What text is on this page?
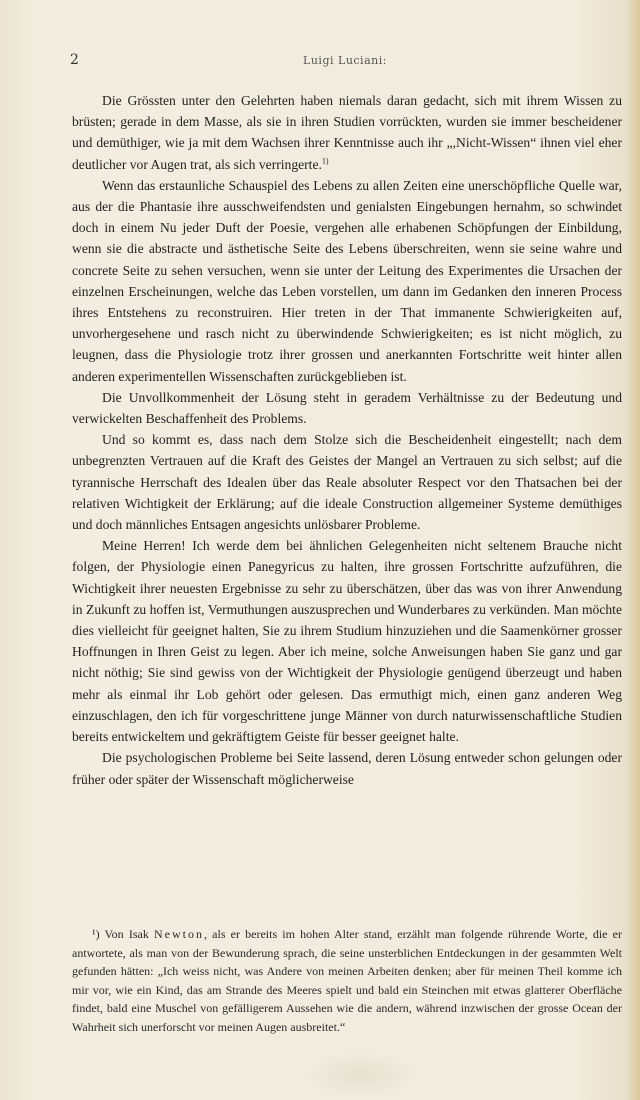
2	Luigi Luciani:

Die Grössten unter den Gelehrten haben niemals daran gedacht, sich mit ihrem Wissen zu brüsten; gerade in dem Masse, als sie in ihren Studien vorrückten, wurden sie immer bescheidener und demüthiger, wie ja mit dem Wachsen ihrer Kenntnisse auch ihr „,Nicht-Wissen“ ihnen viel eher deutlicher vor Augen trat, als sich verringerte.$^{1)}$

Wenn das erstaunliche Schauspiel des Lebens zu allen Zeiten eine unerschöpfliche Quelle war, aus der die Phantasie ihre ausschweifendsten und genialsten Eingebungen hernahm, so schwindet doch in einem Nu jeder Duft der Poesie, vergehen alle erhabenen Schöpfungen der Einbildung, wenn sie die abstracte und ästhetische Seite des Lebens überschreiten, wenn sie seine wahre und concrete Seite zu sehen versuchen, wenn sie unter der Leitung des Experimentes die Ursachen der einzelnen Erscheinungen, welche das Leben vorstellen, um dann im Gedanken den inneren Process ihres Entstehens zu reconstruiren. Hier treten in der That immanente Schwierigkeiten auf, unvorhergesehene und rasch nicht zu überwindende Schwierigkeiten; es ist nicht möglich, zu leugnen, dass die Physiologie trotz ihrer grossen und anerkannten Fortschritte weit hinter allen anderen experimentellen Wissenschaften zurückgeblieben ist.

Die Unvollkommenheit der Lösung steht in geradem Verhältnisse zu der Bedeutung und verwickelten Beschaffenheit des Problems.

Und so kommt es, dass nach dem Stolze sich die Bescheidenheit eingestellt; nach dem unbegrenzten Vertrauen auf die Kraft des Geistes der Mangel an Vertrauen zu sich selbst; auf die tyrannische Herrschaft des Idealen über das Reale absoluter Respect vor den Thatsachen bei der relativen Wichtigkeit der Erklärung; auf die ideale Construction allgemeiner Systeme demüthiges und doch männliches Entsagen angesichts unlösbarer Probleme.

Meine Herren! Ich werde dem bei ähnlichen Gelegenheiten nicht seltenem Brauche nicht folgen, der Physiologie einen Panegyricus zu halten, ihre grossen Fortschritte aufzuführen, die Wichtigkeit ihrer neuesten Ergebnisse zu sehr zu überschätzen, über das was von ihrer Anwendung in Zukunft zu hoffen ist, Vermuthungen auszusprechen und Wunderbares zu verkünden. Man möchte dies vielleicht für geeignet halten, Sie zu ihrem Studium hinzuziehen und die Saamenkörner grosser Hoffnungen in Ihren Geist zu legen. Aber ich meine, solche Anweisungen haben Sie ganz und gar nicht nöthig; Sie sind gewiss von der Wichtigkeit der Physiologie genügend überzeugt und haben mehr als einmal ihr Lob gehört oder gelesen. Das ermuthigt mich, einen ganz anderen Weg einzuschlagen, den ich für vorgeschrittene junge Männer von durch naturwissenschaftliche Studien bereits entwickeltem und gekräftigtem Geiste für besser geeignet halte.

Die psychologischen Probleme bei Seite lassend, deren Lösung entweder schon gelungen oder früher oder später der Wissenschaft möglicherweise

¹) Von Isak Newton, als er bereits im hohen Alter stand, erzählt man folgende rührende Worte, die er antwortete, als man von der Bewunderung sprach, die seine unsterblichen Entdeckungen in der gesammten Welt gefunden hätten: „Ich weiss nicht, was Andere von meinen Arbeiten denken; aber für meinen Theil komme ich mir vor, wie ein Kind, das am Strande des Meeres spielt und bald ein Steinchen mit etwas glatterer Oberfläche findet, bald eine Muschel von gefälligerem Aussehen wie die andern, während inzwischen der grosse Ocean der Wahrheit sich unerforscht vor meinen Augen ausbreitet.“
